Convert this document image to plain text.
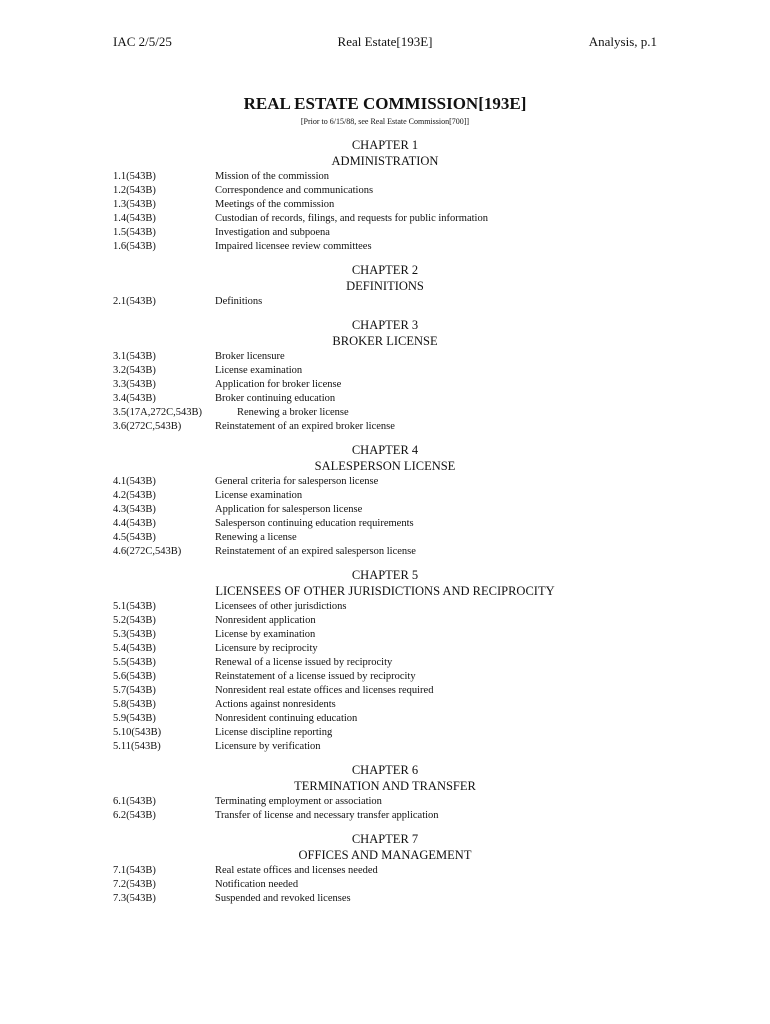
IAC 2/5/25	Real Estate[193E]	Analysis, p.1
REAL ESTATE COMMISSION[193E]
[Prior to 6/15/88, see Real Estate Commission[700]]
CHAPTER 1
ADMINISTRATION
1.1(543B)	Mission of the commission
1.2(543B)	Correspondence and communications
1.3(543B)	Meetings of the commission
1.4(543B)	Custodian of records, filings, and requests for public information
1.5(543B)	Investigation and subpoena
1.6(543B)	Impaired licensee review committees
CHAPTER 2
DEFINITIONS
2.1(543B)	Definitions
CHAPTER 3
BROKER LICENSE
3.1(543B)	Broker licensure
3.2(543B)	License examination
3.3(543B)	Application for broker license
3.4(543B)	Broker continuing education
3.5(17A,272C,543B)	Renewing a broker license
3.6(272C,543B)	Reinstatement of an expired broker license
CHAPTER 4
SALESPERSON LICENSE
4.1(543B)	General criteria for salesperson license
4.2(543B)	License examination
4.3(543B)	Application for salesperson license
4.4(543B)	Salesperson continuing education requirements
4.5(543B)	Renewing a license
4.6(272C,543B)	Reinstatement of an expired salesperson license
CHAPTER 5
LICENSEES OF OTHER JURISDICTIONS AND RECIPROCITY
5.1(543B)	Licensees of other jurisdictions
5.2(543B)	Nonresident application
5.3(543B)	License by examination
5.4(543B)	Licensure by reciprocity
5.5(543B)	Renewal of a license issued by reciprocity
5.6(543B)	Reinstatement of a license issued by reciprocity
5.7(543B)	Nonresident real estate offices and licenses required
5.8(543B)	Actions against nonresidents
5.9(543B)	Nonresident continuing education
5.10(543B)	License discipline reporting
5.11(543B)	Licensure by verification
CHAPTER 6
TERMINATION AND TRANSFER
6.1(543B)	Terminating employment or association
6.2(543B)	Transfer of license and necessary transfer application
CHAPTER 7
OFFICES AND MANAGEMENT
7.1(543B)	Real estate offices and licenses needed
7.2(543B)	Notification needed
7.3(543B)	Suspended and revoked licenses
